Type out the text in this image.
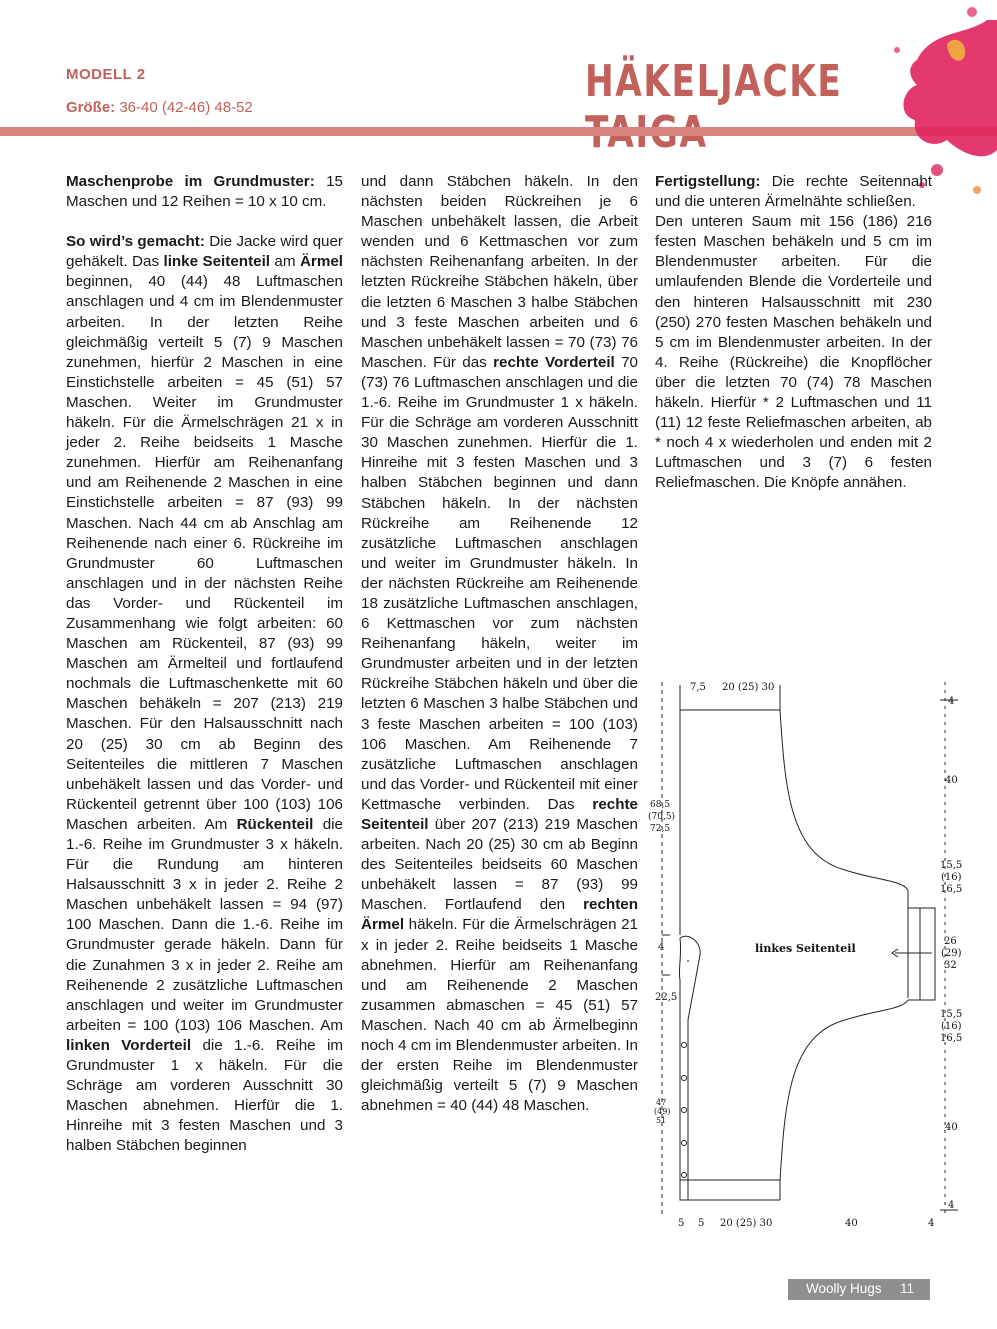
MODELL 2
Größe: 36-40 (42-46) 48-52
HÄKELJACKE

Maschenprobe im Grundmuster: 15 Maschen und 12 Reihen = 10 x 10 cm.

So wird’s gemacht: Die Jacke wird quer gehäkelt. Das linke Seitenteil am Ärmel beginnen, 40 (44) 48 Luftmaschen anschlagen und 4 cm im Blendenmuster arbeiten. In der letzten Reihe gleichmäßig verteilt 5 (7) 9 Maschen zunehmen, hierfür 2 Maschen in eine Einstichstelle arbeiten = 45 (51) 57 Maschen. Weiter im Grundmuster häkeln. Für die Ärmelschrägen 21 x in jeder 2. Reihe beidseits 1 Masche zunehmen. Hierfür am Reihenanfang und am Reihenende 2 Maschen in eine Einstichstelle arbeiten = 87 (93) 99 Maschen. Nach 44 cm ab Anschlag am Reihenende nach einer 6. Rückreihe im Grundmuster 60 Luftmaschen anschlagen und in der nächsten Reihe das Vorder- und Rückenteil im Zusammenhang wie folgt arbeiten: 60 Maschen am Rückenteil, 87 (93) 99 Maschen am Ärmelteil und fortlaufend nochmals die Luftmaschenkette mit 60 Maschen behäkeln = 207 (213) 219 Maschen. Für den Halsausschnitt nach 20 (25) 30 cm ab Beginn des Seitenteiles die mittleren 7 Maschen unbehäkelt lassen und das Vorder- und Rückenteil getrennt über 100 (103) 106 Maschen arbeiten. Am Rückenteil die 1.-6. Reihe im Grundmuster 3 x häkeln. Für die Rundung am hinteren Halsausschnitt 3 x in jeder 2. Reihe 2 Maschen unbehäkelt lassen = 94 (97) 100 Maschen. Dann die 1.-6. Reihe im Grundmuster gerade häkeln. Dann für die Zunahmen 3 x in jeder 2. Reihe am Reihenende 2 zusätzliche Luftmaschen anschlagen und weiter im Grundmuster arbeiten = 100 (103) 106 Maschen. Am linken Vorderteil die 1.-6. Reihe im Grundmuster 1 x häkeln. Für die Schräge am vorderen Ausschnitt 30 Maschen abnehmen. Hierfür die 1. Hinreihe mit 3 festen Maschen und 3 halben Stäbchen beginnen

und dann Stäbchen häkeln. In den nächsten beiden Rückreihen je 6 Maschen unbehäkelt lassen, die Arbeit wenden und 6 Kettmaschen vor zum nächsten Reihenanfang arbeiten. In der letzten Rückreihe Stäbchen häkeln, über die letzten 6 Maschen 3 halbe Stäbchen und 3 feste Maschen arbeiten und 6 Maschen unbehäkelt lassen = 70 (73) 76 Maschen. Für das rechte Vorderteil 70 (73) 76 Luftmaschen anschlagen und die 1.-6. Reihe im Grundmuster 1 x häkeln. Für die Schräge am vorderen Ausschnitt 30 Maschen zunehmen. Hierfür die 1. Hinreihe mit 3 festen Maschen und 3 halben Stäbchen beginnen und dann Stäbchen häkeln. In der nächsten Rückreihe am Reihenende 12 zusätzliche Luftmaschen anschlagen und weiter im Grundmuster häkeln. In der nächsten Rückreihe am Reihenende 18 zusätzliche Luftmaschen anschlagen, 6 Kettmaschen vor zum nächsten Reihenanfang häkeln, weiter im Grundmuster arbeiten und in der letzten Rückreihe Stäbchen häkeln und über die letzten 6 Maschen 3 halbe Stäbchen und 3 feste Maschen arbeiten = 100 (103) 106 Maschen. Am Reihenende 7 zusätzliche Luftmaschen anschlagen und das Vorder- und Rückenteil mit einer Kettmasche verbinden. Das rechte Seitenteil über 207 (213) 219 Maschen arbeiten. Nach 20 (25) 30 cm ab Beginn des Seitenteiles beidseits 60 Maschen unbehäkelt lassen = 87 (93) 99 Maschen. Fortlaufend den rechten Ärmel häkeln. Für die Ärmelschrägen 21 x in jeder 2. Reihe beidseits 1 Masche abnehmen. Hierfür am Reihenanfang und am Reihenende 2 Maschen zusammen abmaschen = 45 (51) 57 Maschen. Nach 40 cm ab Ärmelbeginn noch 4 cm im Blendenmuster arbeiten. In der ersten Reihe im Blendenmuster gleichmäßig verteilt 5 (7) 9 Maschen abnehmen = 40 (44) 48 Maschen.

Fertigstellung: Die rechte Seitennaht und die unteren Ärmelnähte schließen.

Den unteren Saum mit 156 (186) 216 festen Maschen behäkeln und 5 cm im Blendenmuster arbeiten. Für die umlaufenden Blende die Vorderteile und den hinteren Halsausschnitt mit 230 (250) 270 festen Maschen behäkeln und 5 cm im Blendenmuster arbeiten. In der 4. Reihe (Rückreihe) die Knopflöcher über die letzten 70 (74) 78 Maschen häkeln. Hierfür * 2 Luftmaschen und 11 (11) 12 feste Reliefmaschen arbeiten, ab * noch 4 x wiederholen und enden mit 2 Luftmaschen und 3 (7) 6 festen Reliefmaschen. Die Knöpfe annähen.

7,5 20 (25) 30
5 5 20 (25) 30	40	4
4
40
15,5
(16)
16,5
26
(29)
32
15,5
(16)
16,5
40
4
68,5
(70,5)
72,5
4
22,5
47
(49)
51
linkes Seitenteil
Woolly Hugs 11
